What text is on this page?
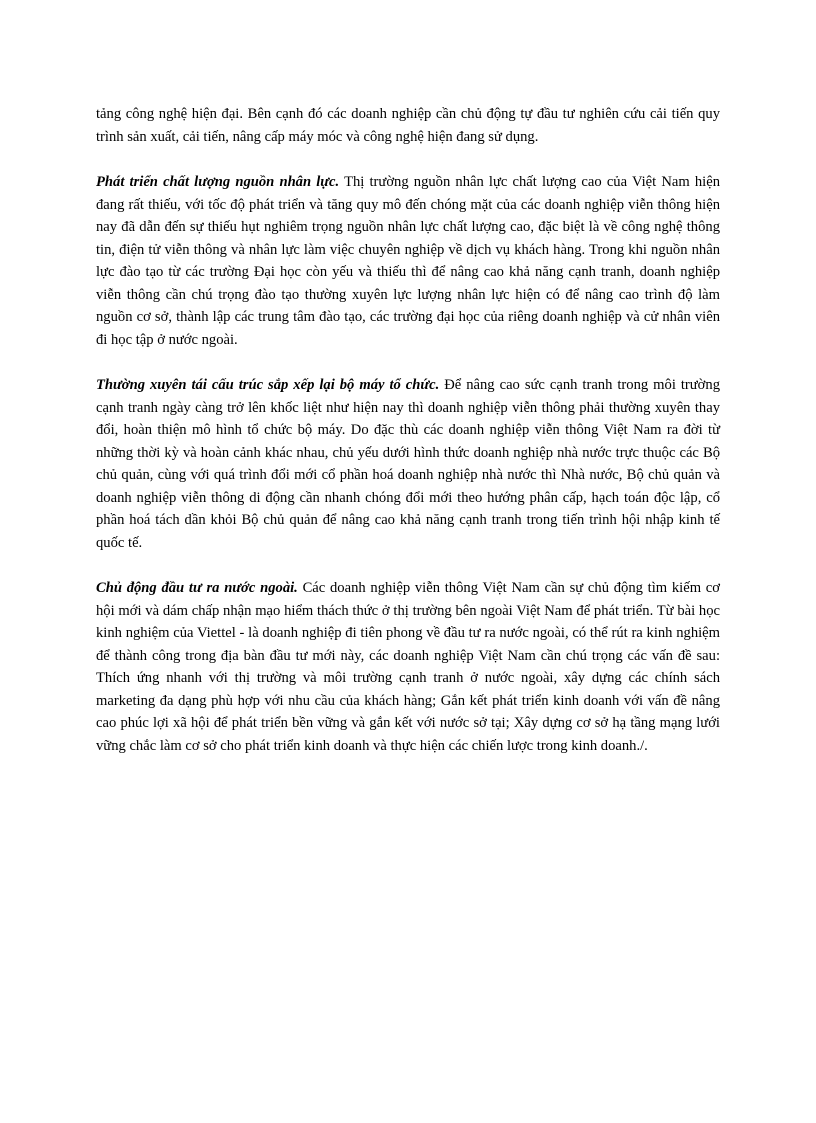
tảng công nghệ hiện đại. Bên cạnh đó các doanh nghiệp cần chủ động tự đầu tư nghiên cứu cải tiến quy trình sản xuất, cải tiến, nâng cấp máy móc và công nghệ hiện đang sử dụng.

Phát triển chất lượng nguồn nhân lực. Thị trường nguồn nhân lực chất lượng cao của Việt Nam hiện đang rất thiếu, với tốc độ phát triển và tăng quy mô đến chóng mặt của các doanh nghiệp viễn thông hiện nay đã dẫn đến sự thiếu hụt nghiêm trọng nguồn nhân lực chất lượng cao, đặc biệt là về công nghệ thông tin, điện tử viễn thông và nhân lực làm việc chuyên nghiệp về dịch vụ khách hàng. Trong khi nguồn nhân lực đào tạo từ các trường Đại học còn yếu và thiếu thì để nâng cao khả năng cạnh tranh, doanh nghiệp viễn thông cần chú trọng đào tạo thường xuyên lực lượng nhân lực hiện có để nâng cao trình độ làm nguồn cơ sở, thành lập các trung tâm đào tạo, các trường đại học của riêng doanh nghiệp và cử nhân viên đi học tập ở nước ngoài.

Thường xuyên tái cấu trúc sắp xếp lại bộ máy tổ chức. Để nâng cao sức cạnh tranh trong môi trường cạnh tranh ngày càng trở lên khốc liệt như hiện nay thì doanh nghiệp viễn thông phải thường xuyên thay đổi, hoàn thiện mô hình tổ chức bộ máy. Do đặc thù các doanh nghiệp viễn thông Việt Nam ra đời từ những thời kỳ và hoàn cảnh khác nhau, chủ yếu dưới hình thức doanh nghiệp nhà nước trực thuộc các Bộ chủ quản, cùng với quá trình đổi mới cổ phần hoá doanh nghiệp nhà nước thì Nhà nước, Bộ chủ quản và doanh nghiệp viễn thông di động cần nhanh chóng đổi mới theo hướng phân cấp, hạch toán độc lập, cổ phần hoá tách dần khỏi Bộ chủ quản để nâng cao khả năng cạnh tranh trong tiến trình hội nhập kinh tế quốc tế.

Chủ động đầu tư ra nước ngoài. Các doanh nghiệp viễn thông Việt Nam cần sự chủ động tìm kiếm cơ hội mới và dám chấp nhận mạo hiểm thách thức ở thị trường bên ngoài Việt Nam để phát triển. Từ bài học kinh nghiệm của Viettel - là doanh nghiệp đi tiên phong về đầu tư ra nước ngoài, có thể rút ra kinh nghiệm để thành công trong địa bàn đầu tư mới này, các doanh nghiệp Việt Nam cần chú trọng các vấn đề sau: Thích ứng nhanh với thị trường và môi trường cạnh tranh ở nước ngoài, xây dựng các chính sách marketing đa dạng phù hợp với nhu cầu của khách hàng; Gắn kết phát triển kinh doanh với vấn đề nâng cao phúc lợi xã hội để phát triển bền vững và gắn kết với nước sở tại; Xây dựng cơ sở hạ tầng mạng lưới vững chắc làm cơ sở cho phát triển kinh doanh và thực hiện các chiến lược trong kinh doanh./.
